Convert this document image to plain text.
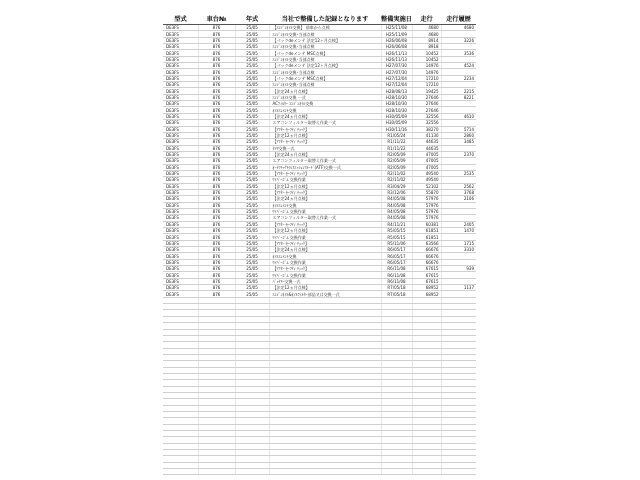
型式	車台№	年式	当社で整備した記録となります	整備実施日	走行	走行履歴
DE3FS	876	25/05	【ｴﾝｼﾞﾝｵｲﾙ交換】 前車から点検	H25/11/08	4680	4680
DE3FS	876	25/05	ｴﾝｼﾞﾝｵｲﾙ交換･当部点検	H25/11/09	4680	
DE3FS	876	25/05	【パックdeメンテ 法定12ヶ月点検】	H26/06/08	8914	3226
DE3FS	876	25/05	ｴﾝｼﾞﾝｵｲﾙ交換･当部点検	H26/06/08	8918	
DE3FS	876	25/05	【パックdeメンテ MSC点検】	H26/11/13	10452	3536
DE3FS	876	25/05	ｴﾝｼﾞﾝｵｲﾙ交換･当部点検	H26/11/13	10452	
DE3FS	876	25/05	【パックdeメンテ 法定12ヶ月点検】	H27/07/30	14976	4524
DE3FS	876	25/05	ｴﾝｼﾞﾝｵｲﾙ交換･当部点検	H27/07/30	14976	
DE3FS	876	25/05	【パックdeメンテ MSC点検】	H27/12/04	17210	2234
DE3FS	876	25/05	ｴﾝｼﾞﾝｵｲﾙ交換･当部点検	H27/12/04	17210	
DE3FS	876	25/05	【法定24ヵ月点検】	H28/08/13	19425	2215
DE3FS	876	25/05	ｴﾝｼﾞﾝｵｲﾙ交換 一式	H28/10/30	27646	8221
DE3FS	876	25/05	ACﾌｨﾙﾀｰ ｴﾝｼﾞﾝｵｲﾙ交換	H28/10/30	27646	
DE3FS	876	25/05	ｵｲﾙｴﾚﾒﾝﾄ交換	H28/10/30	27646	
DE3FS	876	25/05	【法定24ヵ月点検】	H30/05/09	32556	4610
DE3FS	876	25/05	エアコンフィルター取替え作業一式	H30/05/09	32556	
DE3FS	876	25/05	【ｱﾌﾀｰ ｾｰﾌﾃｨ ﾁｪｯｸ】	H30/11/16	38270	5714
DE3FS	876	25/05	【法定12ヵ月点検】	R1/05/24	41130	2860
DE3FS	876	25/05	【ｱﾌﾀｰ ｾｰﾌﾃｨ ﾁｪｯｸ】	R1/11/22	44635	3485
DE3FS	876	25/05	ﾀｲﾔ交換一式	R1/11/22	44635	
DE3FS	876	25/05	【法定24ヵ月点検】	R2/05/09	47005	2370
DE3FS	876	25/05	エアコンフィルター取替え作業一式	R2/05/09	47005	
DE3FS	876	25/05	ｵｰﾄﾏﾁｯｸﾄﾗﾝｽﾐｯｼｮﾝﾌﾙｰﾄﾞ(ATF)交換一式	R2/05/09	47005	
DE3FS	876	25/05	【ｱﾌﾀｰ ｾｰﾌﾃｨ ﾁｪｯｸ】	R2/11/02	49540	2535
DE3FS	876	25/05	ﾜｲﾊﾟｰｺﾞﾑ 交換作業	R2/11/02	49540	
DE3FS	876	25/05	【法定12ヵ月点検】	R3/04/29	52102	2562
DE3FS	876	25/05	【ｱﾌﾀｰ ｾｰﾌﾃｨ ﾁｪｯｸ】	R3/12/06	55870	3768
DE3FS	876	25/05	【法定24ヵ月点検】	R4/05/08	57976	2106
DE3FS	876	25/05	ｵｲﾙｴﾚﾒﾝﾄ交換	R4/05/08	57976	
DE3FS	876	25/05	ﾜｲﾊﾟｰｺﾞﾑ 交換作業	R4/05/08	57976	
DE3FS	876	25/05	エアコンフィルター取替え作業一式	R4/05/08	57976	
DE3FS	876	25/05	【ｱﾌﾀｰ ｾｰﾌﾃｨ ﾁｪｯｸ】	R4/11/21	60381	2405
DE3FS	876	25/05	【法定12ヵ月点検】	R5/05/15	61851	1470
DE3FS	876	25/05	ﾜｲﾊﾟｰｺﾞﾑ 交換作業	R5/05/15	61851	
DE3FS	876	25/05	【ｱﾌﾀｰ ｾｰﾌﾃｨ ﾁｪｯｸ】	R5/11/06	63566	1715
DE3FS	876	25/05	【法定24ヵ月点検】	R6/05/17	66676	3310
DE3FS	876	25/05	ｵｲﾙｴﾚﾒﾝﾄ交換	R6/05/17	66676	
DE3FS	876	25/05	ﾜｲﾊﾟｰｺﾞﾑ 交換作業	R6/05/17	66676	
DE3FS	876	25/05	【ｱﾌﾀｰ ｾｰﾌﾃｨ ﾁｪｯｸ】	R6/11/08	67615	939
DE3FS	876	25/05	ﾜｲﾊﾟｰｺﾞﾑ 交換作業	R6/11/08	67615	
DE3FS	876	25/05	ﾊﾞｯﾃﾘｰ交換一式	R6/11/08	67615	
DE3FS	876	25/05	【法定12ヵ月点検】	R7/05/18	68952	1137
DE3FS	876	25/05	ｴﾝｼﾞﾝｵｲﾙ&ｵｲﾙﾌｨﾙﾀｰ部品又は交換一式	R7/05/18	68952	
